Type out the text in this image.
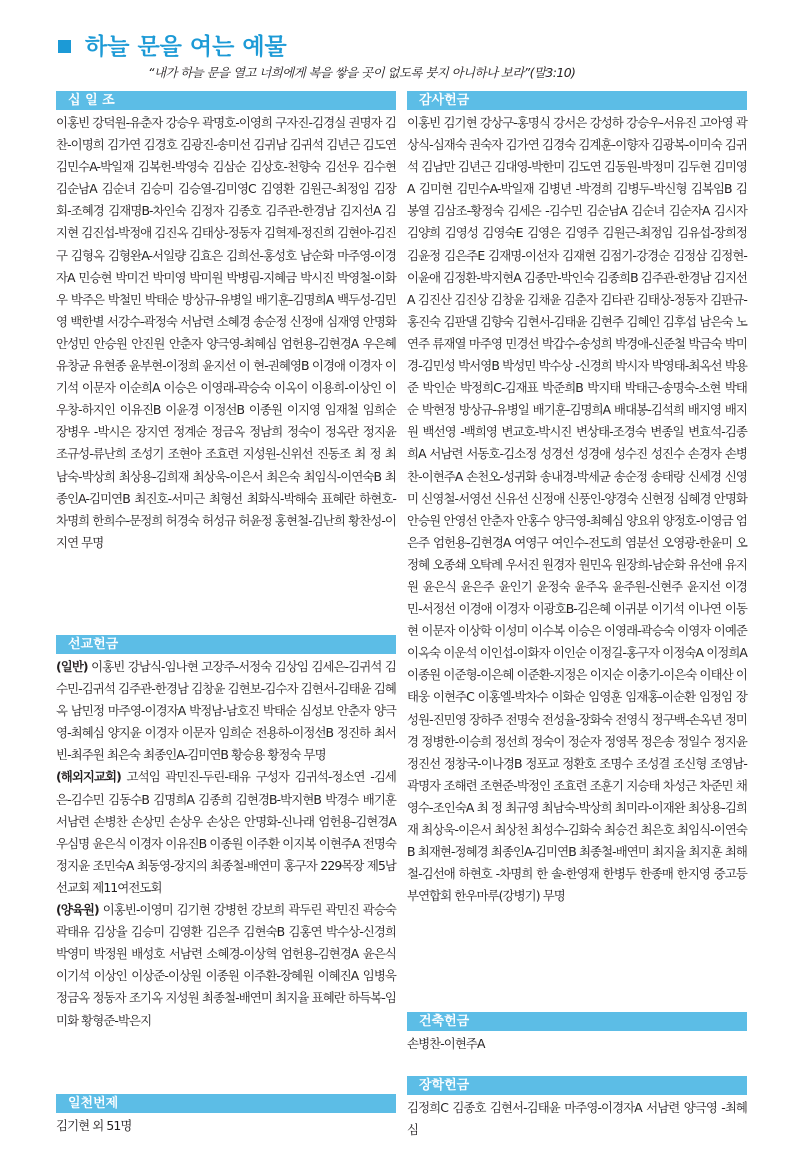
하늘 문을 여는 예물
“내가 하늘 문을 열고 너희에게 복을 쌓을 곳이 없도록 붓지 아니하나 보라”(말3:10)
십 일 조
이홍빈 강덕원-유춘자 강승우 곽명호-이영희 구자진-김경실 권명자 김 찬-이명희 김가연 김경호 김광진-송미선 김귀남 김귀석 김년근 김도연 김민수A-박일재 김복헌-박영숙 김삼순 김상호-천향숙 김선우 김수현 김순남A 김순녀 김승미 김승열-김미영C 김영환 김원근-최정임 김장회-조혜경 김재명B-차인숙 김정자 김종호 김주관-한경남 김지선A 김지현 김진섭-박정애 김진옥 김태상-정동자 김혁제-정진희 김현아-김진구 김형옥 김형완A-서일량 김효은 김희선-홍성호 남순화 마주영-이경자A 민승현 박미건 박미영 박미원 박병림-지혜금 박시진 박영철-이화우 박주은 박철민 박태순 방상규-유병일 배기훈-김명희A 백두성-김민영 백한별 서강수-곽정숙 서남련 소혜경 송순정 신정애 심재영 안명화 안성민 안승원 안진원 안춘자 양극영-최혜심 엄헌용-김현경A 우은혜 유창균 유현종 윤부현-이정희 윤지선 이 현-권혜영B 이경애 이경자 이기석 이문자 이순희A 이승은 이영래-곽승숙 이옥이 이용희-이상인 이우창-하지인 이유진B 이윤경 이정선B 이종원 이지영 임재철 임희순 장병우 -박시은 장지연 정계순 정금옥 정남희 정숙이 정옥란 정지윤 조규성-류난희 조성기 조현아 조효련 지성원-신위선 진동조 최 정 최남숙-박상희 최상용-김희재 최상욱-이은서 최은숙 최임식-이연숙B 최종인A-김미연B 최진호-서미근 최형선 최화식-박해숙 표혜란 하현호-차명희 한희수-문정희 허경숙 허성규 허윤정 홍현철-김난희 황찬성-이지연 무명
선교헌금
(일반) 이홍빈 강남식-임나현 고장주-서정숙 김상임 김세은-김귀석 김수민-김귀석 김주관-한경남 김창윤 김현보-김수자 김현서-김태윤 김혜옥 남민정 마주영-이경자A 박정남-남호진 박태순 심성보 안춘자 양극영-최혜심 양지윤 이경자 이문자 임희순 전용하-이정선B 정진하 최서빈-최주원 최은숙 최종인A-김미연B 황승용 황정숙 무명
(해외지교회) 고석임 곽민진-두린-태유 구성자 김귀석-정소연 -김세은-김수민 김동수B 김명희A 김종희 김현경B-박지현B 박경수 배기훈 서남련 손병찬 손상민 손상우 손상은 안명화-신나래 엄헌용-김현경A 우심명 윤은식 이경자 이유진B 이종원 이주환 이지복 이현주A 전명숙 정지윤 조민숙A 최동영-장지의 최종철-배연미 홍구자 229목장 제5남선교회 제11여전도회
(양육원) 이홍빈-이영미 김기현 강병헌 강보희 곽두린 곽민진 곽승숙 곽태유 김상율 김승미 김영환 김은주 김현숙B 김홍연 박수상-신경희 박영미 박정원 배성호 서남련 소혜경-이상혁 엄헌용-김현경A 윤은식 이기석 이상인 이상준-이상원 이종원 이주환-장혜원 이혜진A 임병욱 정금옥 정동자 조기옥 지성원 최종철-배연미 최지율 표혜란 하득복-임미화 황형준-박은지
일천번제
김기현 외 51명
감사헌금
이홍빈 김기현 강상구-홍명식 강서은 강성하 강승우-서유진 고아영 곽상식-심재숙 권숙자 김가연 김경숙 김계훈-이향자 김광복-이미숙 김귀석 김남만 김년근 김대영-박한미 김도연 김동원-박정미 김두현 김미영A 김미현 김민수A-박일재 김병년 -박경희 김병두-박신형 김복임B 김봉열 김삼조-황정숙 김세은 -김수민 김순남A 김순녀 김순자A 김시자 김양희 김영성 김영숙E 김영은 김영주 김원근-최정임 김유섭-장희정 김윤정 김은주E 김재명-이선자 김재현 김점기-강경순 김정삼 김정현-이윤애 김정환-박지현A 김종만-박인숙 김종희B 김주관-한경남 김지선A 김진산 김진상 김창윤 김채윤 김춘자 김타관 김태상-정동자 김판규-홍진숙 김판댈 김향숙 김현서-김태윤 김현주 김혜인 김후섭 남은숙 노연주 류재열 마주영 민경선 박갑수-송성희 박경애-신준철 박금숙 박미경-김민성 박서영B 박성민 박수상 -신경희 박시자 박영태-최옥선 박용준 박인순 박정희C-김재표 박준희B 박지태 박태근-송명숙-소현 박태순 박현정 방상규-유병일 배기훈-김명희A 배대봉-김석희 배지영 배지원 백선영 -백희영 변교호-박시진 변상태-조경숙 변종일 변효석-김종희A 서남련 서동호-김소정 성경선 성경애 성수진 성진수 손경자 손병찬-이현주A 손천오-성귀화 송내경-박세균 송순정 송태랑 신세경 신영미 신영철-서영선 신유선 신정애 신풍인-양경숙 신현정 심혜경 안명화 안승원 안영선 안춘자 안홍수 양극영-최혜심 양요위 양정호-이영금 엄은주 엄헌용-김현경A 여영구 여인수-전도희 염분선 오영광-한윤미 오정혜 오종쇄 오탁례 우서진 원경자 원민옥 원장희-남순화 유선애 유지원 윤은식 윤은주 윤인기 윤정숙 윤주옥 윤주원-신현주 윤지선 이경민-서정선 이경애 이경자 이광호B-김은혜 이귀분 이기석 이나연 이동현 이문자 이상학 이성미 이수복 이승은 이영래-곽승숙 이영자 이예준 이옥숙 이운석 이인섭-이화자 이인순 이정길-홍구자 이정숙A 이정희A 이종원 이준형-이은혜 이준환-지정은 이지순 이충기-이은숙 이태산 이태웅 이현주C 이홍엘-박차수 이화순 임영훈 임재홍-이순환 임정임 장성원-진민영 장하주 전명숙 전성율-장화숙 전영식 정구백-손옥년 정미경 정병한-이승희 정선희 정숙이 정순자 정영목 정은송 정일수 정지윤 정진선 정창국-이나경B 정포교 정환호 조명수 조성결 조신형 조영남-곽명자 조해련 조현준-박정인 조효련 조훈기 지승태 차성근 차준민 채영수-조인숙A 최 정 최규영 최남숙-박상희 최미라-이재완 최상용-김희재 최상욱-이은서 최상천 최성수-김화숙 최승건 최은호 최임식-이연숙B 최재현-정혜경 최종인A-김미연B 최종철-배연미 최지율 최지훈 최해철-김선애 하현호 -차명희 한 솔-한영재 한병두 한종매 한지영 중고등부연합회 한우마루(강병기) 무명
건축헌금
손병찬-이현주A
장학헌금
김정희C 김종호 김현서-김태윤 마주영-이경자A 서남련 양극영 -최혜심
